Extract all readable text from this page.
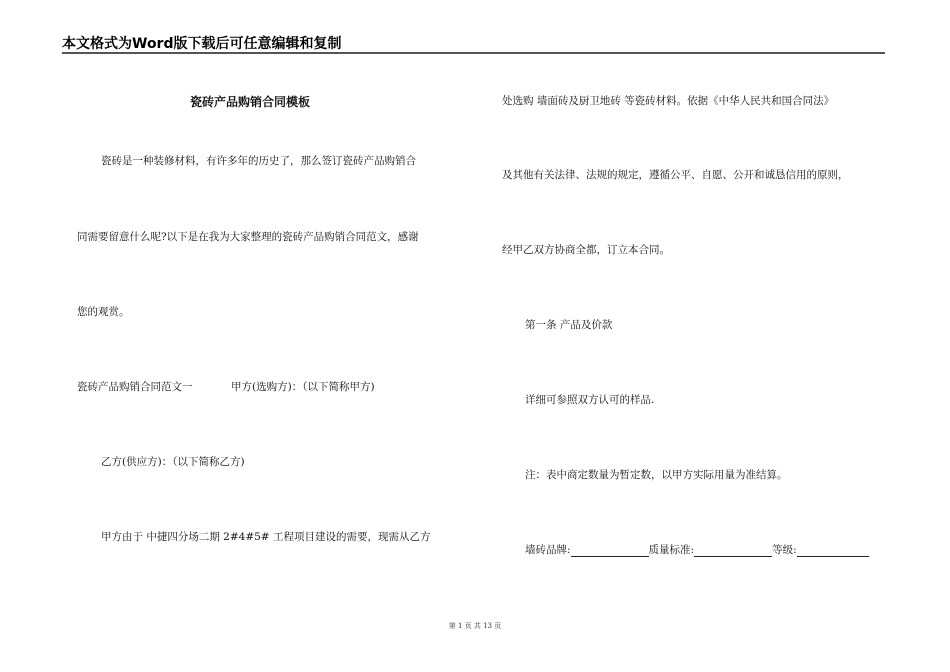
本文格式为Word版下载后可任意编辑和复制
瓷砖产品购销合同模板
瓷砖是一种装修材料，有许多年的历史了，那么签订瓷砖产品购销合
同需要留意什么呢?以下是在我为大家整理的瓷砖产品购销合同范文，感谢
您的观赏。
瓷砖产品购销合同范文一	甲方(选购方)：（以下简称甲方)
乙方(供应方)：（以下简称乙方)
甲方由于 中捷四分场二期 2#4#5# 工程项目建设的需要，现需从乙方
处选购 墙面砖及厨卫地砖 等瓷砖材料。依据《中华人民共和国合同法》
及其他有关法律、法规的规定，遵循公平、自愿、公开和诚恳信用的原则，
经甲乙双方协商全都，订立本合同。
第一条 产品及价款
详细可参照双方认可的样品.
注：表中商定数量为暂定数，以甲方实际用量为准结算。
墙砖品牌:	质量标准:	等级:
第 1 页 共 13 页
